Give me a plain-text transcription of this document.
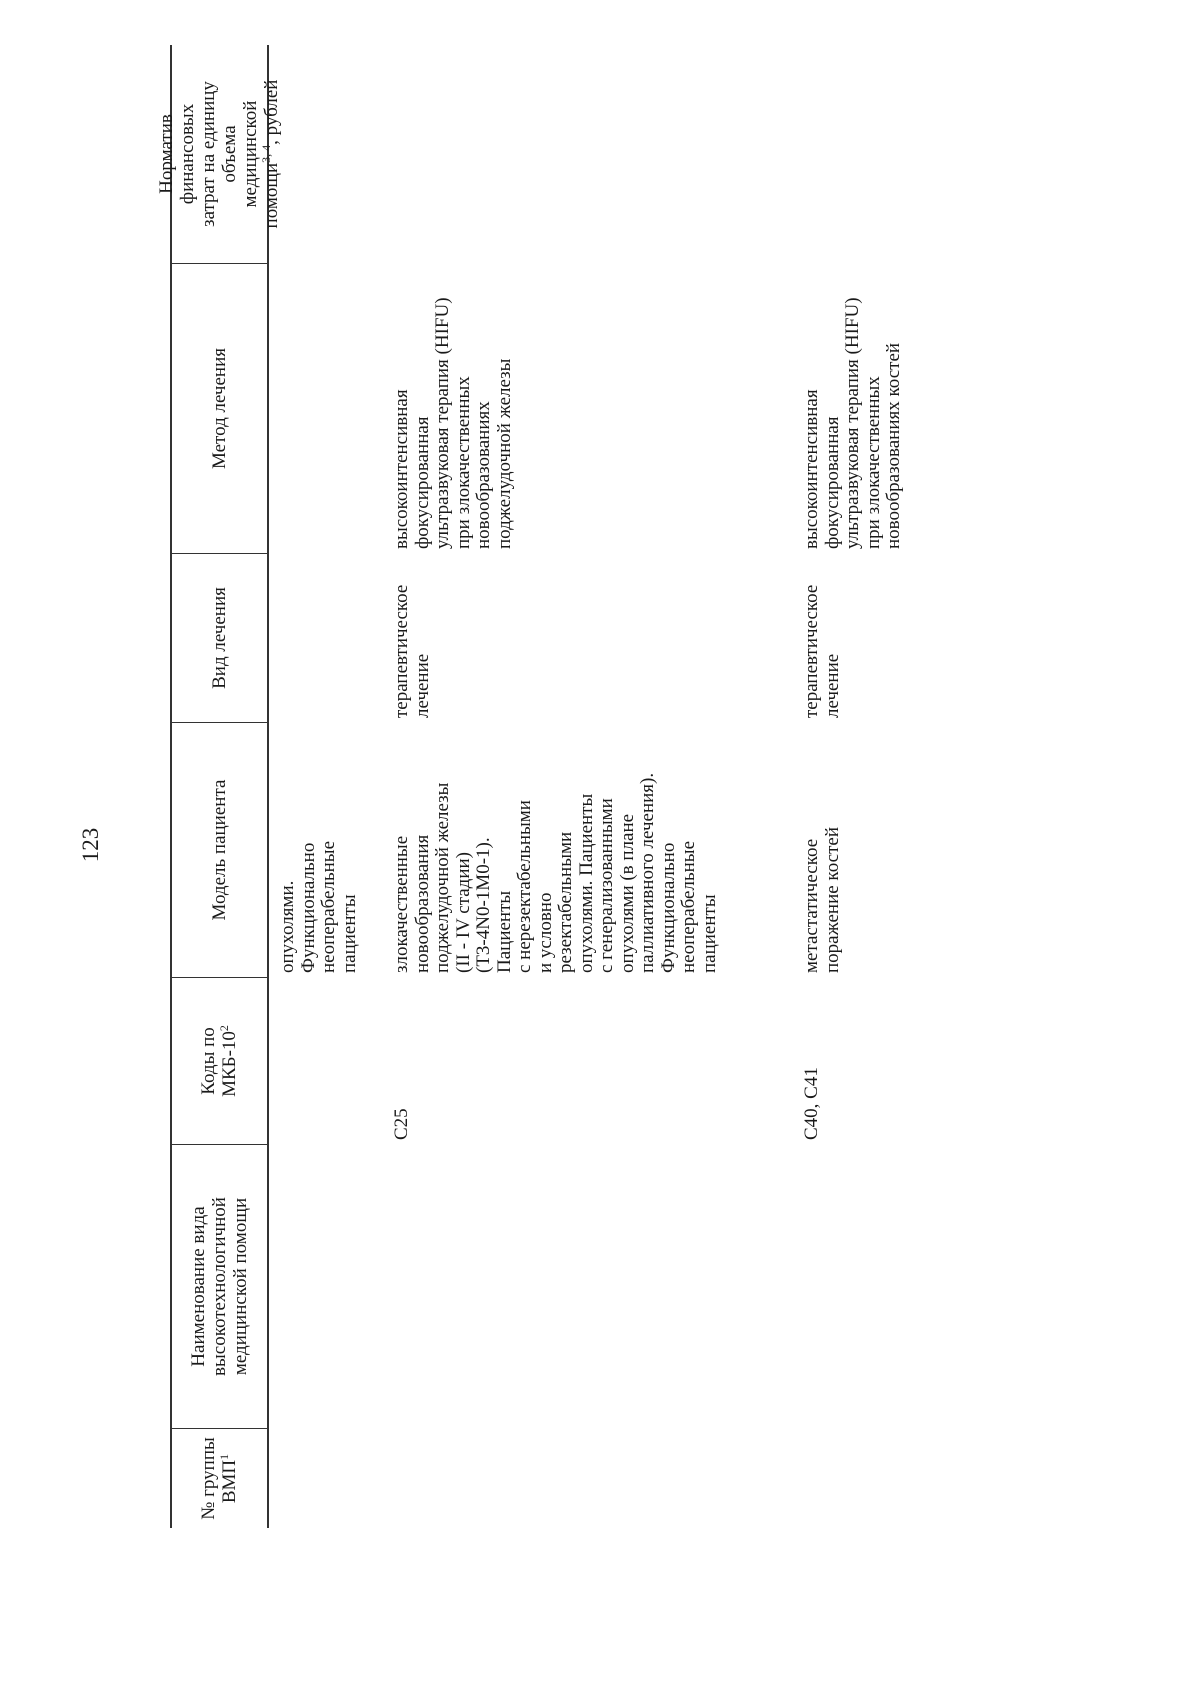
123
№ группы ВМП$^1$
Наименование вида высокотехнологичной медицинской помощи
Коды по МКБ-$10^2$
Модель пациента
Вид лечения
Метод лечения
Норматив финансовых затрат на единицу объема медицинской помощи$^{3, 4}$, рублей
опухолями.
Функционально
неоперабельные
пациенты
C25
злокачественные
новообразования
поджелудочной железы
(II - IV стадии)
(T3-4N0-1M0-1).
Пациенты
с нерезектабельными
и условно
резектабельными
опухолями. Пациенты
с генерализованными
опухолями (в плане
паллиативного лечения).
Функционально
неоперабельные
пациенты
терапевтическое
лечение
высокоинтенсивная
фокусированная
ультразвуковая терапия (HIFU)
при злокачественных
новообразованиях
поджелудочной железы
C40, C41
метастатическое
поражение костей
терапевтическое
лечение
высокоинтенсивная
фокусированная
ультразвуковая терапия (HIFU)
при злокачественных
новообразованиях костей
